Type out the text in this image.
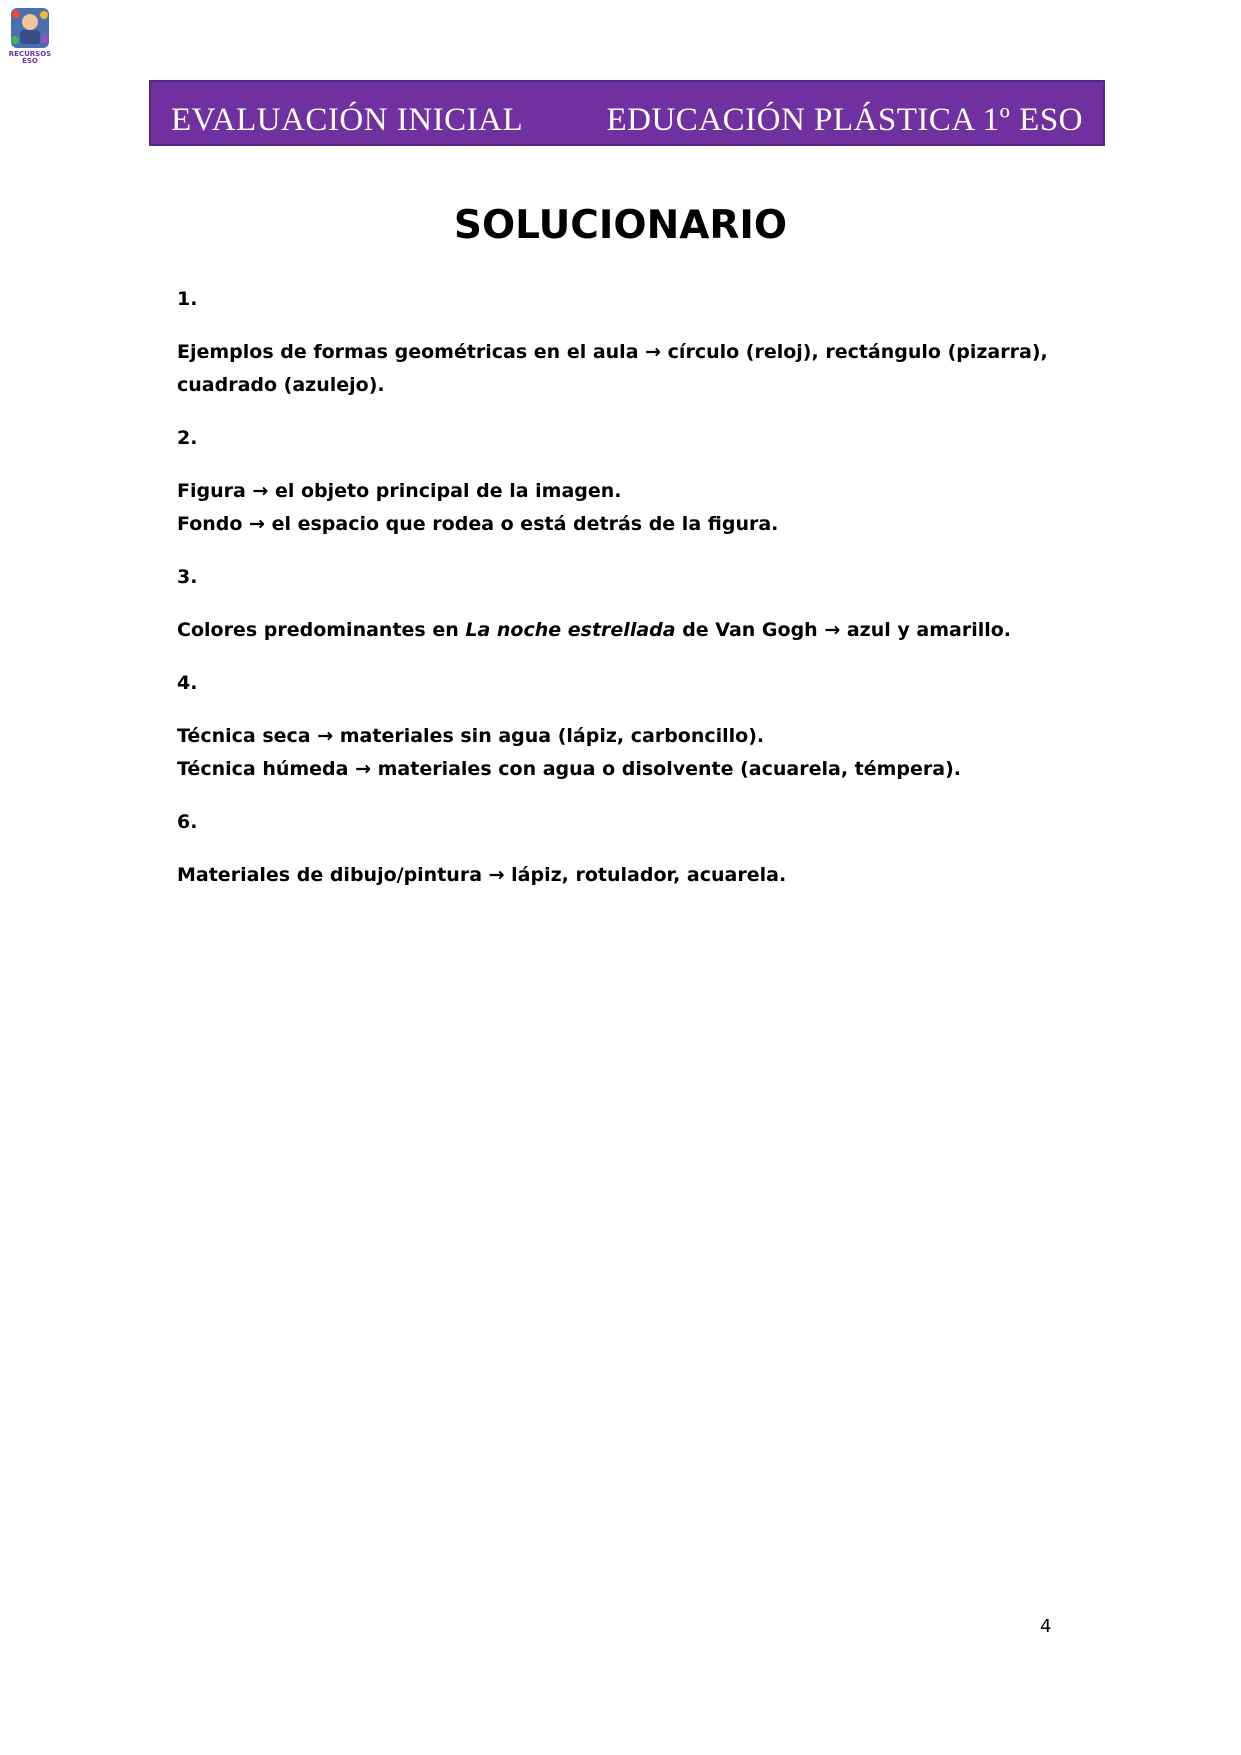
RECURSOS
ESO
EVALUACIÓN INICIAL	EDUCACIÓN PLÁSTICA 1º ESO
SOLUCIONARIO

1.

Ejemplos de formas geométricas en el aula → círculo (reloj), rectángulo (pizarra), cuadrado (azulejo).

2.

Figura → el objeto principal de la imagen.
Fondo → el espacio que rodea o está detrás de la figura.

3.

Colores predominantes en La noche estrellada de Van Gogh → azul y amarillo.

4.

Técnica seca → materiales sin agua (lápiz, carboncillo).
Técnica húmeda → materiales con agua o disolvente (acuarela, témpera).

6.

Materiales de dibujo/pintura → lápiz, rotulador, acuarela.

4
